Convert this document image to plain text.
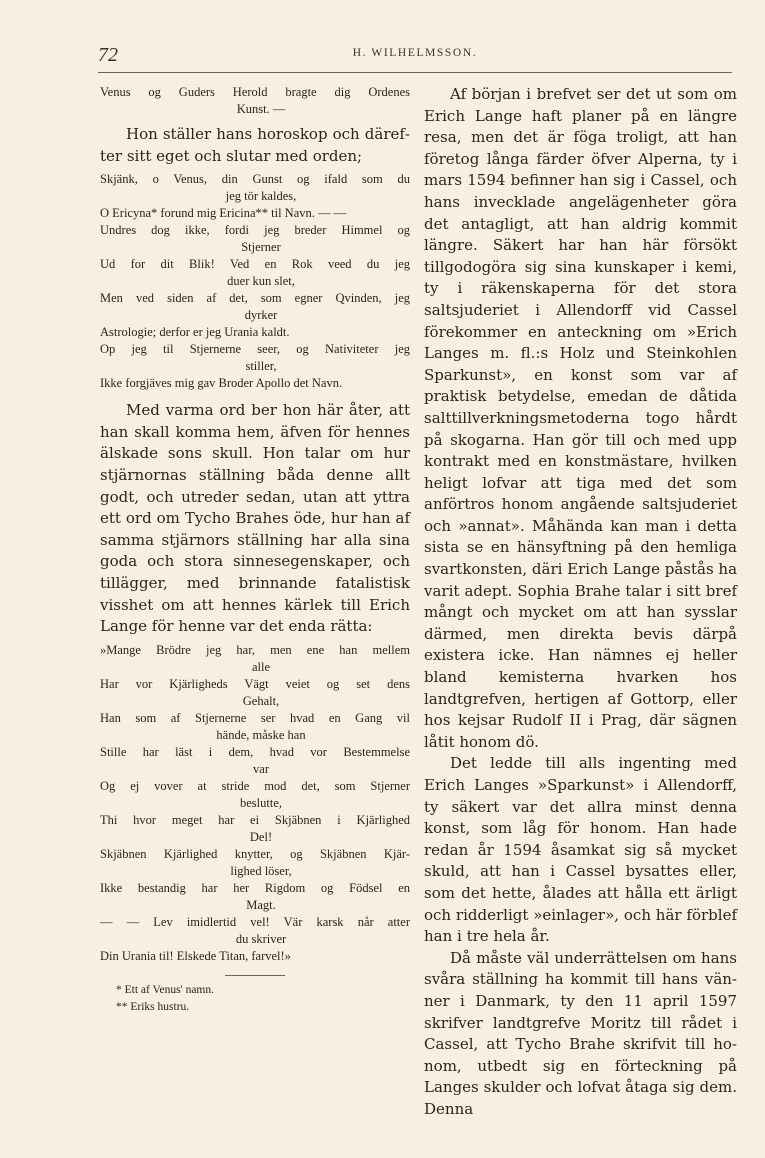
72	H. WILHELMSSON.
Venus og Guders Herold bragte dig Ordenes
Kunst. —

Hon ställer hans horoskop och därefter sitt eget och slutar med orden;

Skjänk, o Venus, din Gunst og ifald som du
jeg tör kaldes,
O Ericyna* forund mig Ericina** til Navn. — —
Undres dog ikke, fordi jeg breder Himmel og
Stjerner
Ud for dit Blik! Ved en Rok veed du jeg
duer kun slet,
Men ved siden af det, som egner Qvinden, jeg
dyrker
Astrologie; derfor er jeg Urania kaldt.
Op jeg til Stjernerne seer, og Nativiteter jeg
stiller,
Ikke forgjäves mig gav Broder Apollo det Navn.

Med varma ord ber hon här åter, att han skall komma hem, äfven för hennes älskade sons skull. Hon talar om hur stjärnornas ställning båda denne allt godt, och utreder sedan, utan att yttra ett ord om Tycho Brahes öde, hur han af samma stjärnors ställning har alla sina goda och stora sinnesegenskaper, och tillägger, med brinnande fatalistisk visshet om att hennes kärlek till Erich Lange för henne var det enda rätta:

»Mange Brödre jeg har, men ene han mellem
alle
Har vor Kjärligheds Vägt veiet og set dens
Gehalt,
Han som af Stjernerne ser hvad en Gang vil
hände, måske han
Stille har läst i dem, hvad vor Bestemmelse
var
Og ej vover at stride mod det, som Stjerner
beslutte,
Thi hvor meget har ei Skjäbnen i Kjärlighed
Del!
Skjäbnen Kjärlighed knytter, og Skjäbnen Kjär-
lighed löser,
Ikke bestandig har her Rigdom og Födsel en
Magt.
— — Lev imidlertid vel! Vär karsk når atter
du skriver
Din Urania til! Elskede Titan, farvel!»
* Ett af Venus' namn.
** Eriks hustru.

Af början i brefvet ser det ut som om Erich Lange haft planer på en längre resa, men det är föga troligt, att han företog långa färder öfver Alperna, ty i mars 1594 befinner han sig i Cassel, och hans invecklade angelägenheter göra det antagligt, att han aldrig kommit längre. Säkert har han här försökt tillgodogöra sig sina kunskaper i kemi, ty i räkenskaperna för det stora saltsjuderiet i Allendorff vid Cassel förekommer en anteckning om »Erich Langes m. fl.:s Holz und Steinkohlen Sparkunst», en konst som var af praktisk betydelse, emedan de dåtida salttillverkningsmetoderna togo hårdt på skogarna. Han gör till och med upp kontrakt med en konstmästare, hvilken heligt lofvar att tiga med det som anförtros honom angående saltsjuderiet och »annat». Måhända kan man i detta sista se en hänsyftning på den hemliga svartkonsten, däri Erich Lange påstås ha varit adept. Sophia Brahe talar i sitt bref mångt och mycket om att han sysslar därmed, men direkta bevis därpå existera icke. Han nämnes ej heller bland kemisterna hvarken hos landtgrefven, hertigen af Gottorp, eller hos kejsar Rudolf II i Prag, där sägnen låtit honom dö.

Det ledde till alls ingenting med Erich Langes »Sparkunst» i Allendorff, ty säkert var det allra minst denna konst, som låg för honom. Han hade redan år 1594 åsamkat sig så mycket skuld, att han i Cassel bysattes eller, som det hette, ålades att hålla ett ärligt och ridderligt »einlager», och här förblef han i tre hela år.

Då måste väl underrättelsen om hans svåra ställning ha kommit till hans vänner i Danmark, ty den 11 april 1597 skrifver landtgrefve Moritz till rådet i Cassel, att Tycho Brahe skrifvit till honom, utbedt sig en förteckning på Langes skulder och lofvat åtaga sig dem. Denna
